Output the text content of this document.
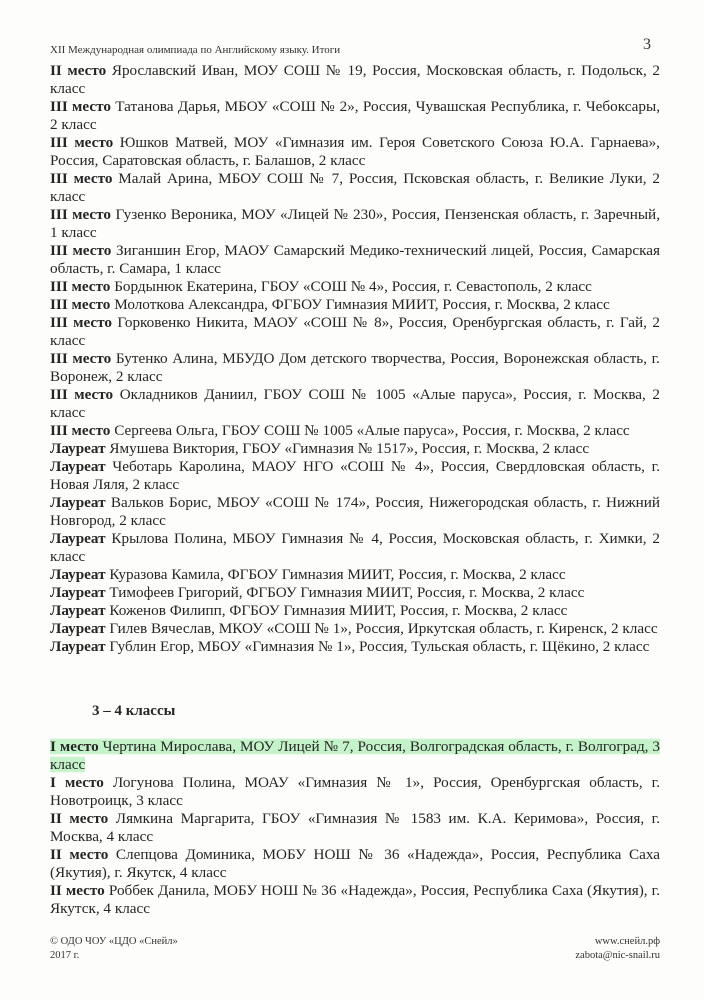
XII Международная олимпиада по Английскому языку. Итоги	3
II место Ярославский Иван, МОУ СОШ № 19, Россия, Московская область, г. Подольск, 2 класс
III место Татанова Дарья, МБОУ «СОШ № 2», Россия, Чувашская Республика, г. Чебоксары, 2 класс
III место Юшков Матвей, МОУ «Гимназия им. Героя Советского Союза Ю.А. Гарнаева», Россия, Саратовская область, г. Балашов, 2 класс
III место Малай Арина, МБОУ СОШ № 7, Россия, Псковская область, г. Великие Луки, 2 класс
III место Гузенко Вероника, МОУ «Лицей № 230», Россия, Пензенская область, г. Заречный, 1 класс
III место Зиганшин Егор, МАОУ Самарский Медико-технический лицей, Россия, Самарская область, г. Самара, 1 класс
III место Бордынюк Екатерина, ГБОУ «СОШ № 4», Россия, г. Севастополь, 2 класс
III место Молоткова Александра, ФГБОУ Гимназия МИИТ, Россия, г. Москва, 2 класс
III место Горковенко Никита, МАОУ «СОШ № 8», Россия, Оренбургская область, г. Гай, 2 класс
III место Бутенко Алина, МБУДО Дом детского творчества, Россия, Воронежская область, г. Воронеж, 2 класс
III место Окладников Даниил, ГБОУ СОШ № 1005 «Алые паруса», Россия, г. Москва, 2 класс
III место Сергеева Ольга, ГБОУ СОШ № 1005 «Алые паруса», Россия, г. Москва, 2 класс
Лауреат Ямушева Виктория, ГБОУ «Гимназия № 1517», Россия, г. Москва, 2 класс
Лауреат Чеботарь Каролина, МАОУ НГО «СОШ № 4», Россия, Свердловская область, г. Новая Ляля, 2 класс
Лауреат Вальков Борис, МБОУ «СОШ № 174», Россия, Нижегородская область, г. Нижний Новгород, 2 класс
Лауреат Крылова Полина, МБОУ Гимназия № 4, Россия, Московская область, г. Химки, 2 класс
Лауреат Куразова Камила, ФГБОУ Гимназия МИИТ, Россия, г. Москва, 2 класс
Лауреат Тимофеев Григорий, ФГБОУ Гимназия МИИТ, Россия, г. Москва, 2 класс
Лауреат Коженов Филипп, ФГБОУ Гимназия МИИТ, Россия, г. Москва, 2 класс
Лауреат Гилев Вячеслав, МКОУ «СОШ № 1», Россия, Иркутская область, г. Киренск, 2 класс
Лауреат Гублин Егор, МБОУ «Гимназия № 1», Россия, Тульская область, г. Щёкино, 2 класс
3 – 4 классы
I место Чертина Мирослава, МОУ Лицей № 7, Россия, Волгоградская область, г. Волгоград, 3 класс
I место Логунова Полина, МОАУ «Гимназия № 1», Россия, Оренбургская область, г. Новотроицк, 3 класс
II место Лямкина Маргарита, ГБОУ «Гимназия № 1583 им. К.А. Керимова», Россия, г. Москва, 4 класс
II место Слепцова Доминика, МОБУ НОШ № 36 «Надежда», Россия, Республика Саха (Якутия), г. Якутск, 4 класс
II место Роббек Данила, МОБУ НОШ № 36 «Надежда», Россия, Республика Саха (Якутия), г. Якутск, 4 класс
© ОДО ЧОУ «ЦДО «Снейл»
2017 г.
www.снейл.рф
zabota@nic-snail.ru
